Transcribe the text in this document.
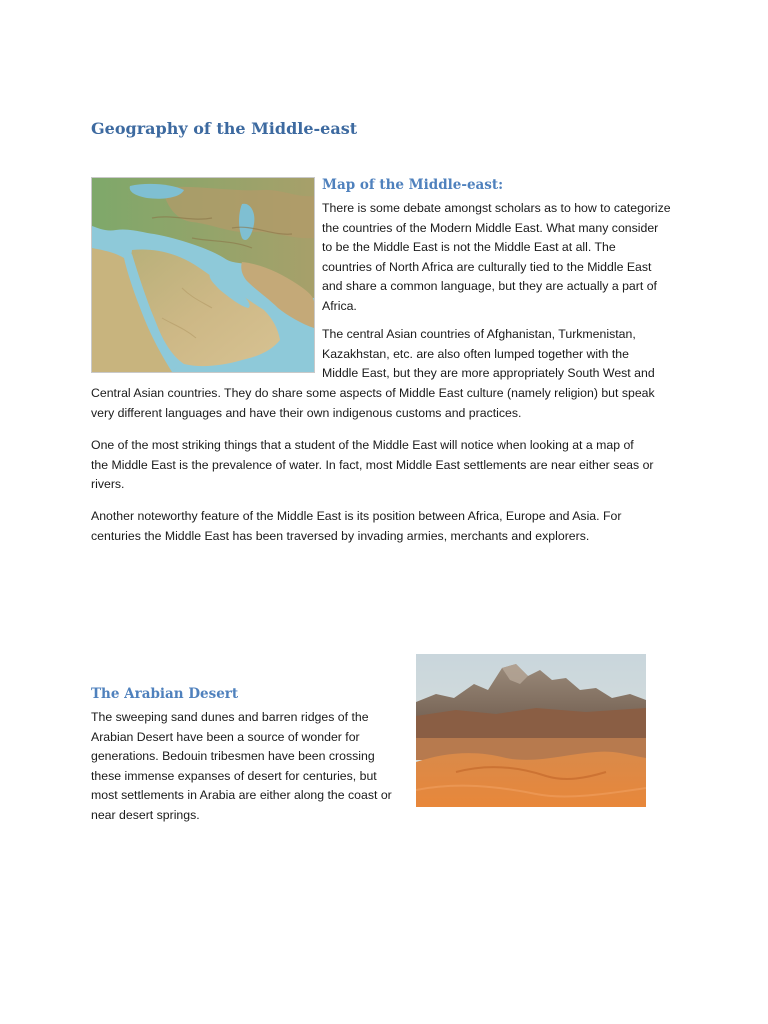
Geography of the Middle-east
Map of the Middle-east:

There is some debate amongst scholars as to how to categorize

the countries of the Modern Middle East. What many consider

to be the Middle East is not the Middle East at all. The

countries of North Africa are culturally tied to the Middle East

and share a common language, but they are actually a part of

Africa.

The central Asian countries of Afghanistan, Turkmenistan,

Kazakhstan, etc. are also often lumped together with the

Middle East, but they are more appropriately South West and

Central Asian countries. They do share some aspects of Middle East culture (namely religion) but speak

very different languages and have their own indigenous customs and practices.

One of the most striking things that a student of the Middle East will notice when looking at a map of

the Middle East is the prevalence of water. In fact, most Middle East settlements are near either seas or

rivers.

Another noteworthy feature of the Middle East is its position between Africa, Europe and Asia. For

centuries the Middle East has been traversed by invading armies, merchants and explorers.

The Arabian Desert

The sweeping sand dunes and barren ridges of the

Arabian Desert have been a source of wonder for

generations. Bedouin tribesmen have been crossing

these immense expanses of desert for centuries, but

most settlements in Arabia are either along the coast or

near desert springs.
